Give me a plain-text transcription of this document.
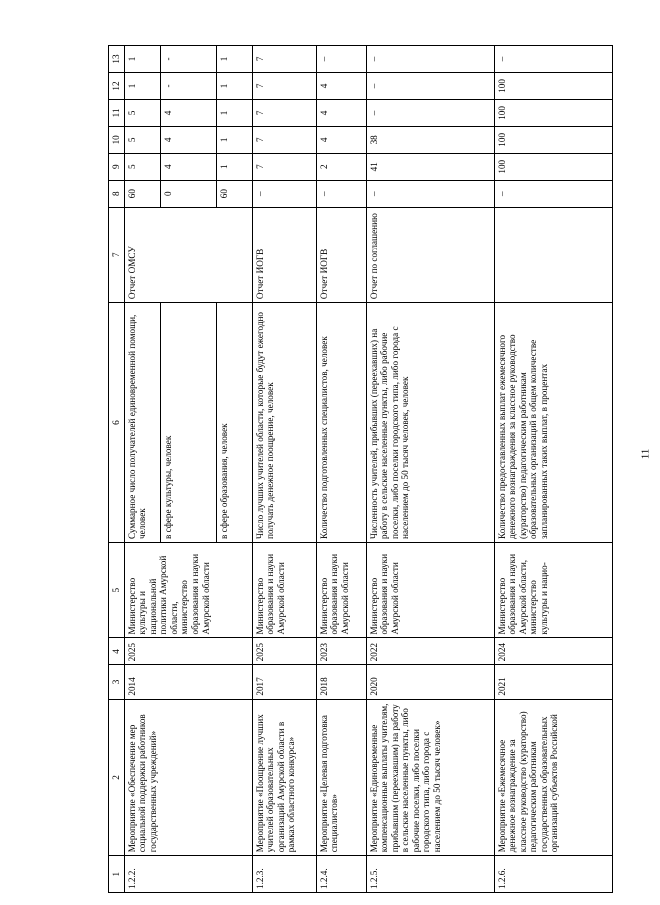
11
1	2	3	4	5	6	7	8	9	10	11	12	13
1.2.2.	Мероприятие «Обеспечение мер социальной поддержки работников государственных учреждений»	2014	2025	Министерство культуры и национальной политики Амурской области, министерство образования и науки Амурской области	Суммарное число получателей единовременной помощи, человек	Отчет ОМСУ	60	5	5	5	1	1
					в сфере культуры, человек		0	4	4	4	-	-
					в сфере образования, человек		60	1	1	1	1	1
1.2.3.	Мероприятие «Поощрение лучших учителей образовательных организаций Амурской области в рамках областного конкурса»	2017	2025	Министерство образования и науки Амурской области	Число лучших учителей области, которые будут ежегодно получать денежное поощрение, человек	Отчет ИОГВ	–	7	7	7	7	7
1.2.4.	Мероприятие «Целевая подготовка специалистов»	2018	2023	Министерство образования и науки Амурской области	Количество подготовленных специалистов, человек	Отчет ИОГВ	–	2	4	4	4	–
1.2.5.	Мероприятие «Единовременные компенсационные выплаты учителям, прибывшим (переехавшим) на работу в сельские населенные пункты, либо рабочие поселки, либо поселки городского типа, либо города с населением до 50 тысяч человек»	2020	2022	Министерство образования и науки Амурской области	Численность учителей, прибывших (переехавших) на работу в сельские населенные пункты, либо рабочие поселки, либо поселки городского типа, либо города с населением до 50 тысяч человек, человек	Отчет по соглашению	–	41	38	–	–	–
1.2.6.	Мероприятие «Ежемесячное денежное вознаграждение за классное руководство (кураторство) педагогическим работникам государственных образовательных организаций субъектов Российской	2021	2024	Министерство образования и науки Амурской области, министерство культуры и нацио-	Количество предоставленных выплат ежемесячного денежного вознаграждения за классное руководство (кураторство) педагогическим работникам образовательных организаций в общем количестве запланированных таких выплат, в процентах		–	100	100	100	100	–
